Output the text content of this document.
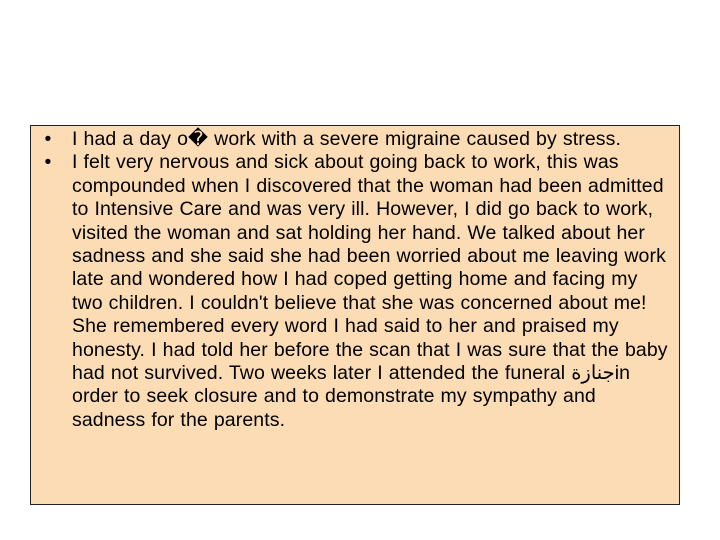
• I had a day o� work with a severe migraine caused by stress.
• I felt very nervous and sick about going back to work, this was compounded when I discovered that the woman had been admitted to Intensive Care and was very ill. However, I did go back to work, visited the woman and sat holding her hand. We talked about her sadness and she said she had been worried about me leaving work late and wondered how I had coped getting home and facing my two children. I couldn't believe that she was concerned about me! She remembered every word I had said to her and praised my honesty. I had told her before the scan that I was sure that the baby had not survived. Two weeks later I attended the funeral جنازةin order to seek closure and to demonstrate my sympathy and sadness for the parents.
